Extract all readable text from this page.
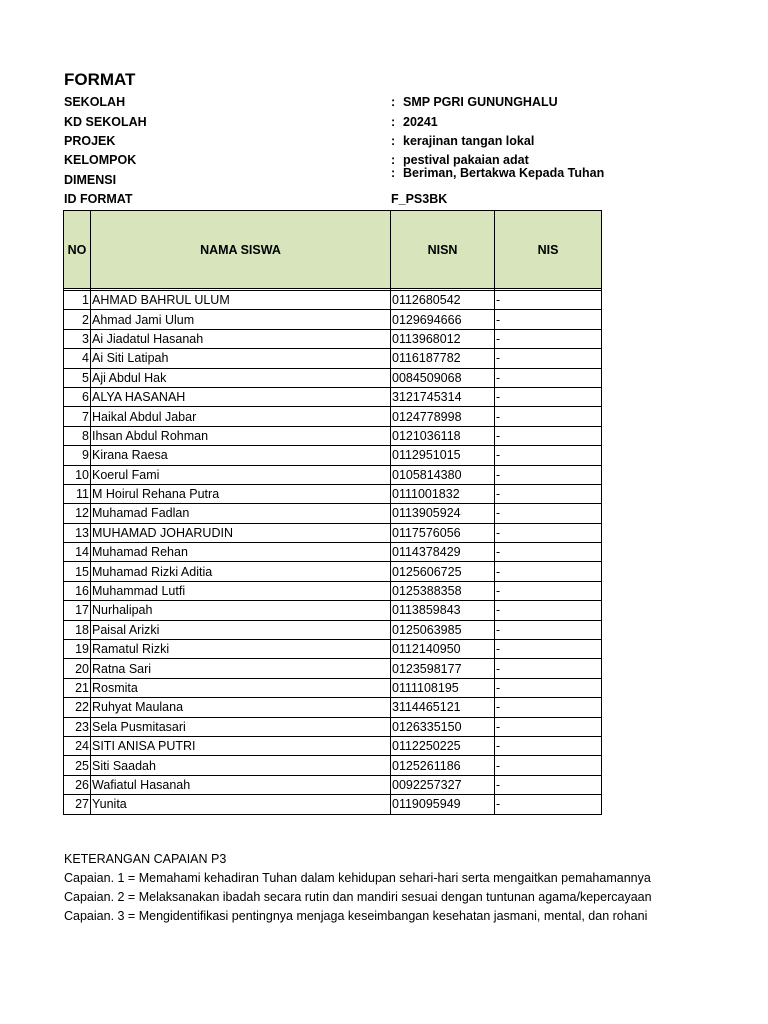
FORMAT
SEKOLAH	: SMP PGRI GUNUNGHALU
KD SEKOLAH	: 20241
PROJEK	: kerajinan tangan lokal
KELOMPOK	: pestival pakaian adat
DIMENSI	: Beriman, Bertakwa Kepada Tuhan
ID FORMAT	F_PS3BK
NO	NAMA SISWA	NISN	NIS

1	AHMAD BAHRUL ULUM	0112680542	-
2	Ahmad Jami Ulum	0129694666	-
3	Ai Jiadatul Hasanah	0113968012	-
4	Ai Siti Latipah	0116187782	-
5	Aji Abdul Hak	0084509068	-
6	ALYA HASANAH	3121745314	-
7	Haikal Abdul Jabar	0124778998	-
8	Ihsan Abdul Rohman	0121036118	-
9	Kirana Raesa	0112951015	-
10	Koerul Fami	0105814380	-
11	M Hoirul Rehana Putra	0111001832	-
12	Muhamad Fadlan	0113905924	-
13	MUHAMAD JOHARUDIN	0117576056	-
14	Muhamad Rehan	0114378429	-
15	Muhamad Rizki Aditia	0125606725	-
16	Muhammad Lutfi	0125388358	-
17	Nurhalipah	0113859843	-
18	Paisal Arizki	0125063985	-
19	Ramatul Rizki	0112140950	-
20	Ratna Sari	0123598177	-
21	Rosmita	0111108195	-
22	Ruhyat Maulana	3114465121	-
23	Sela Pusmitasari	0126335150	-
24	SITI ANISA PUTRI	0112250225	-
25	Siti Saadah	0125261186	-
26	Wafiatul Hasanah	0092257327	-
27	Yunita	0119095949	-
KETERANGAN CAPAIAN P3
Capaian. 1 = Memahami kehadiran Tuhan dalam kehidupan sehari-hari serta mengaitkan pemahamannya
Capaian. 2 = Melaksanakan ibadah secara rutin dan mandiri sesuai dengan tuntunan agama/kepercayaan
Capaian. 3 = Mengidentifikasi pentingnya menjaga keseimbangan kesehatan jasmani, mental, dan rohani
